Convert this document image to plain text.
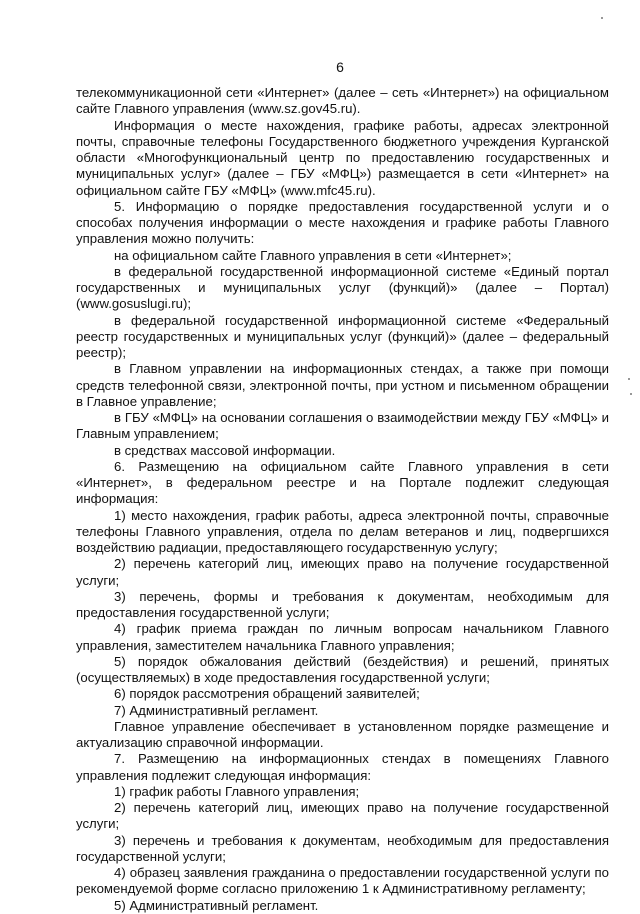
6

телекоммуникационной сети «Интернет» (далее – сеть «Интернет») на официальном сайте Главного управления (www.sz.gov45.ru).

Информация о месте нахождения, графике работы, адресах электронной почты, справочные телефоны Государственного бюджетного учреждения Курганской области «Многофункциональный центр по предоставлению государственных и муниципальных услуг» (далее – ГБУ «МФЦ») размещается в сети «Интернет» на официальном сайте ГБУ «МФЦ» (www.mfc45.ru).

5. Информацию о порядке предоставления государственной услуги и о способах получения информации о месте нахождения и графике работы Главного управления можно получить:

на официальном сайте Главного управления в сети «Интернет»;

в федеральной государственной информационной системе «Единый портал государственных и муниципальных услуг (функций)» (далее – Портал) (www.gosuslugi.ru);

в федеральной государственной информационной системе «Федеральный реестр государственных и муниципальных услуг (функций)» (далее – федеральный реестр);

в Главном управлении на информационных стендах, а также при помощи средств телефонной связи, электронной почты, при устном и письменном обращении в Главное управление;

в ГБУ «МФЦ» на основании соглашения о взаимодействии между ГБУ «МФЦ» и Главным управлением;

в средствах массовой информации.

6. Размещению на официальном сайте Главного управления в сети «Интернет», в федеральном реестре и на Портале подлежит следующая информация:

1) место нахождения, график работы, адреса электронной почты, справочные телефоны Главного управления, отдела по делам ветеранов и лиц, подвергшихся воздействию радиации, предоставляющего государственную услугу;

2) перечень категорий лиц, имеющих право на получение государственной услуги;

3) перечень, формы и требования к документам, необходимым для предоставления государственной услуги;

4) график приема граждан по личным вопросам начальником Главного управления, заместителем начальника Главного управления;

5) порядок обжалования действий (бездействия) и решений, принятых (осуществляемых) в ходе предоставления государственной услуги;

6) порядок рассмотрения обращений заявителей;

7) Административный регламент.

Главное управление обеспечивает в установленном порядке размещение и актуализацию справочной информации.

7. Размещению на информационных стендах в помещениях Главного управления подлежит следующая информация:

1) график работы Главного управления;

2) перечень категорий лиц, имеющих право на получение государственной услуги;

3) перечень и требования к документам, необходимым для предоставления государственной услуги;

4) образец заявления гражданина о предоставлении государственной услуги по рекомендуемой форме согласно приложению 1 к Административному регламенту;

5) Административный регламент.
